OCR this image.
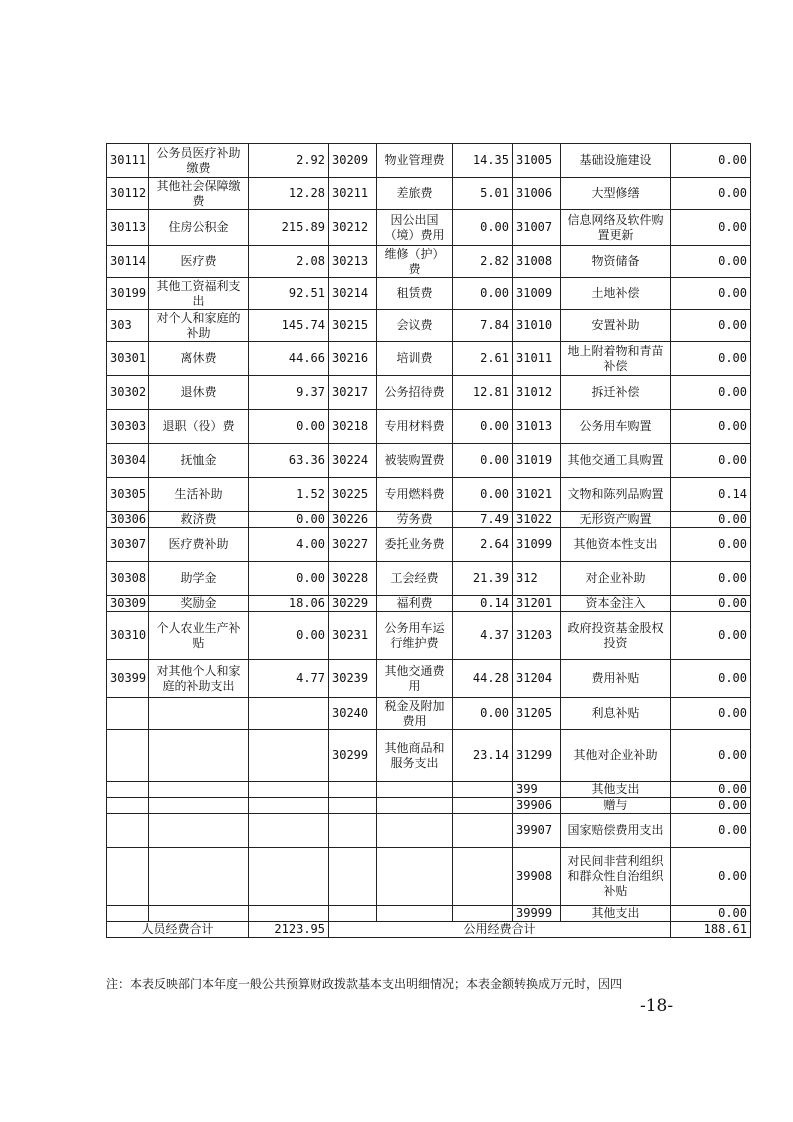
30111	公务员医疗补助缴费	2.92	30209	物业管理费	14.35	31005	基础设施建设	0.00
30112	其他社会保障缴费	12.28	30211	差旅费	5.01	31006	大型修缮	0.00
30113	住房公积金	215.89	30212	因公出国（境）费用	0.00	31007	信息网络及软件购置更新	0.00
30114	医疗费	2.08	30213	维修（护）费	2.82	31008	物资储备	0.00
30199	其他工资福利支出	92.51	30214	租赁费	0.00	31009	土地补偿	0.00
303	对个人和家庭的补助	145.74	30215	会议费	7.84	31010	安置补助	0.00
30301	离休费	44.66	30216	培训费	2.61	31011	地上附着物和青苗补偿	0.00
30302	退休费	9.37	30217	公务招待费	12.81	31012	拆迁补偿	0.00
30303	退职（役）费	0.00	30218	专用材料费	0.00	31013	公务用车购置	0.00
30304	抚恤金	63.36	30224	被装购置费	0.00	31019	其他交通工具购置	0.00
30305	生活补助	1.52	30225	专用燃料费	0.00	31021	文物和陈列品购置	0.14
30306	救济费	0.00	30226	劳务费	7.49	31022	无形资产购置	0.00
30307	医疗费补助	4.00	30227	委托业务费	2.64	31099	其他资本性支出	0.00
30308	助学金	0.00	30228	工会经费	21.39	312	对企业补助	0.00
30309	奖励金	18.06	30229	福利费	0.14	31201	资本金注入	0.00
30310	个人农业生产补贴	0.00	30231	公务用车运行维护费	4.37	31203	政府投资基金股权投资	0.00
30399	对其他个人和家庭的补助支出	4.77	30239	其他交通费用	44.28	31204	费用补贴	0.00
			30240	税金及附加费用	0.00	31205	利息补贴	0.00
			30299	其他商品和服务支出	23.14	31299	其他对企业补助	0.00
						399	其他支出	0.00
						39906	赠与	0.00
						39907	国家赔偿费用支出	0.00
						39908	对民间非营利组织和群众性自治组织补贴	0.00
						39999	其他支出	0.00
人员经费合计		2123.95	公用经费合计					188.61
注：本表反映部门本年度一般公共预算财政拨款基本支出明细情况；本表金额转换成万元时，因四
-18-
